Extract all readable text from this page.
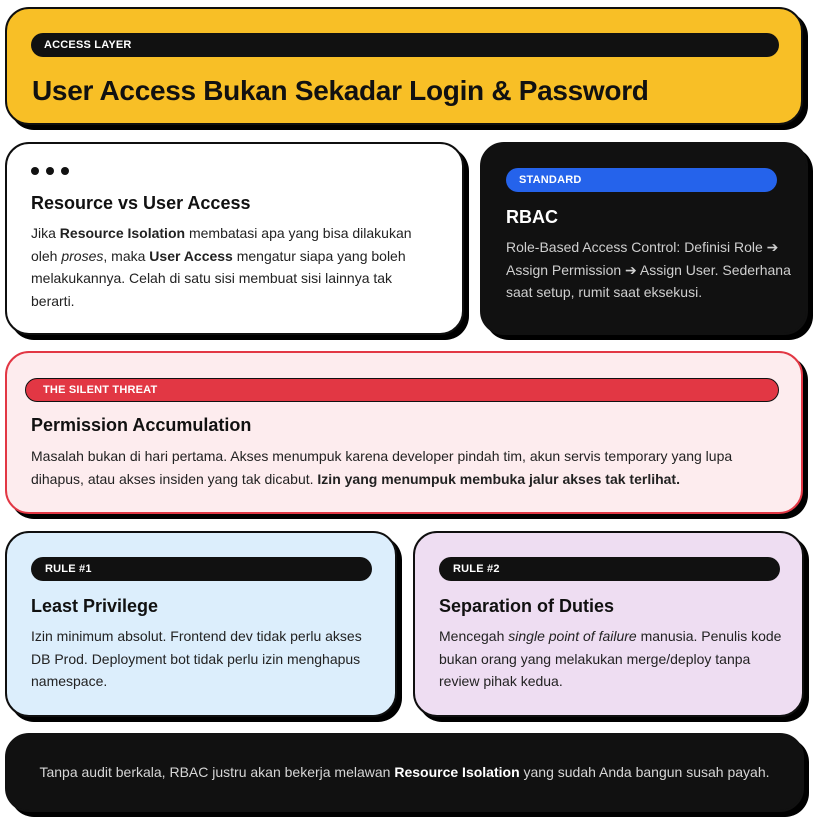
ACCESS LAYER
User Access Bukan Sekadar Login & Password
Resource vs User Access

Jika Resource Isolation membatasi apa yang bisa dilakukan oleh proses, maka User Access mengatur siapa yang boleh melakukannya. Celah di satu sisi membuat sisi lainnya tak berarti.

STANDARD
RBAC

Role-Based Access Control: Definisi Role ➔ Assign Permission ➔ Assign User. Sederhana saat setup, rumit saat eksekusi.

THE SILENT THREAT
Permission Accumulation

Masalah bukan di hari pertama. Akses menumpuk karena developer pindah tim, akun servis temporary yang lupa dihapus, atau akses insiden yang tak dicabut. Izin yang menumpuk membuka jalur akses tak terlihat.

RULE #1
Least Privilege

Izin minimum absolut. Frontend dev tidak perlu akses DB Prod. Deployment bot tidak perlu izin menghapus namespace.

RULE #2
Separation of Duties

Mencegah single point of failure manusia. Penulis kode bukan orang yang melakukan merge/deploy tanpa review pihak kedua.

Tanpa audit berkala, RBAC justru akan bekerja melawan Resource Isolation yang sudah Anda bangun susah payah.
